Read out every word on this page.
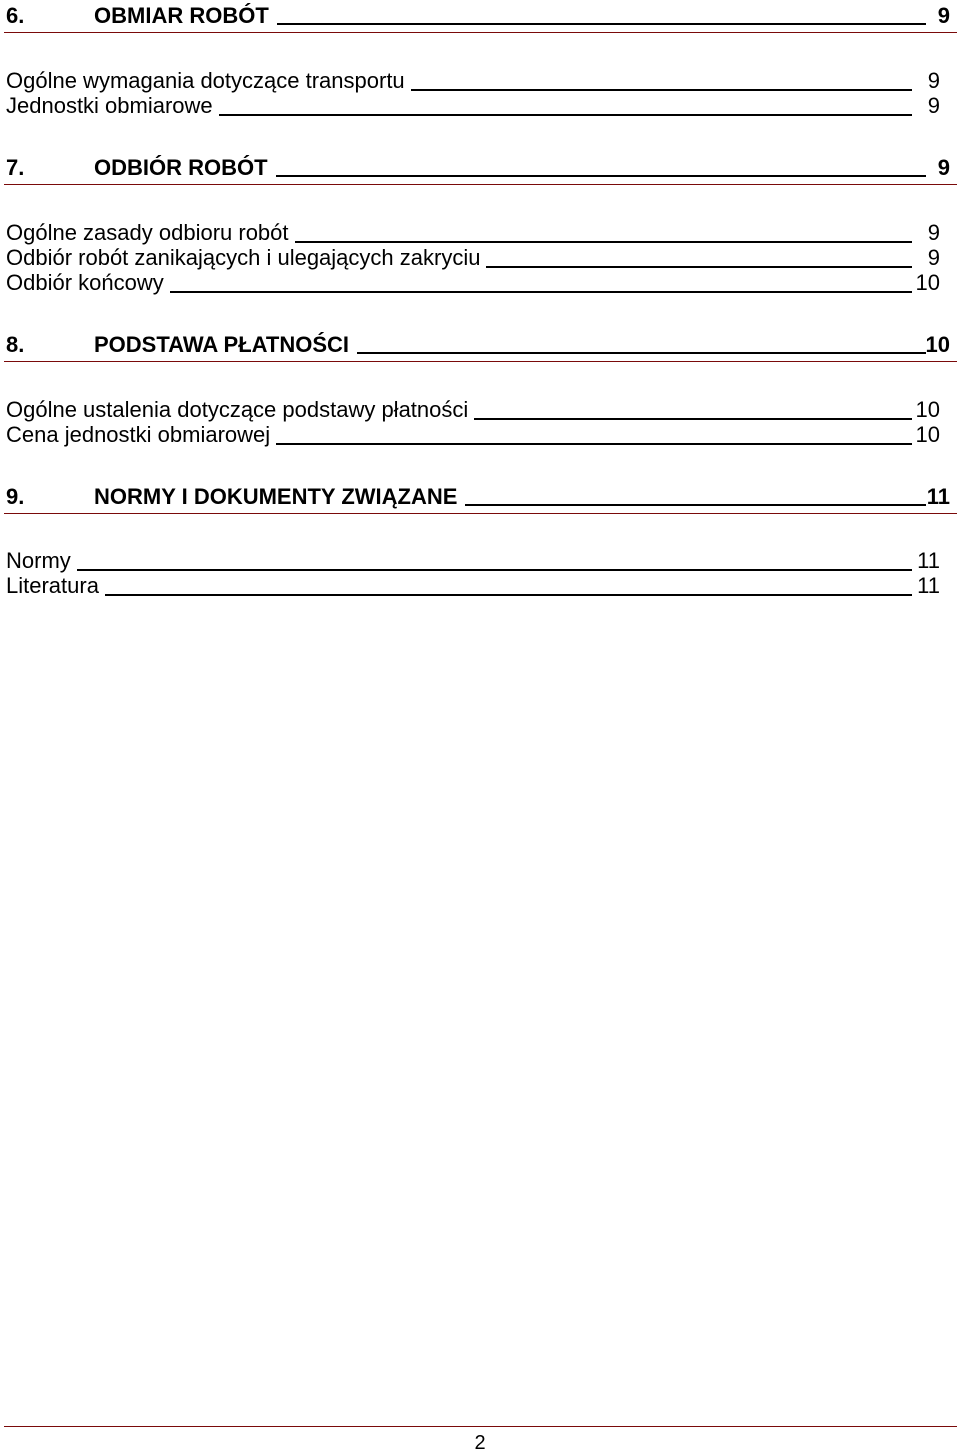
6.	OBMIAR ROBÓT	9
Ogólne wymagania dotyczące transportu	9
Jednostki obmiarowe	9
7.	ODBIÓR ROBÓT	9
Ogólne zasady odbioru robót	9
Odbiór robót zanikających i ulegających zakryciu	9
Odbiór końcowy	10
8.	PODSTAWA PŁATNOŚCI	10
Ogólne ustalenia dotyczące podstawy płatności	10
Cena jednostki obmiarowej	10
9.	NORMY I DOKUMENTY ZWIĄZANE	11
Normy	11
Literatura	11
2
